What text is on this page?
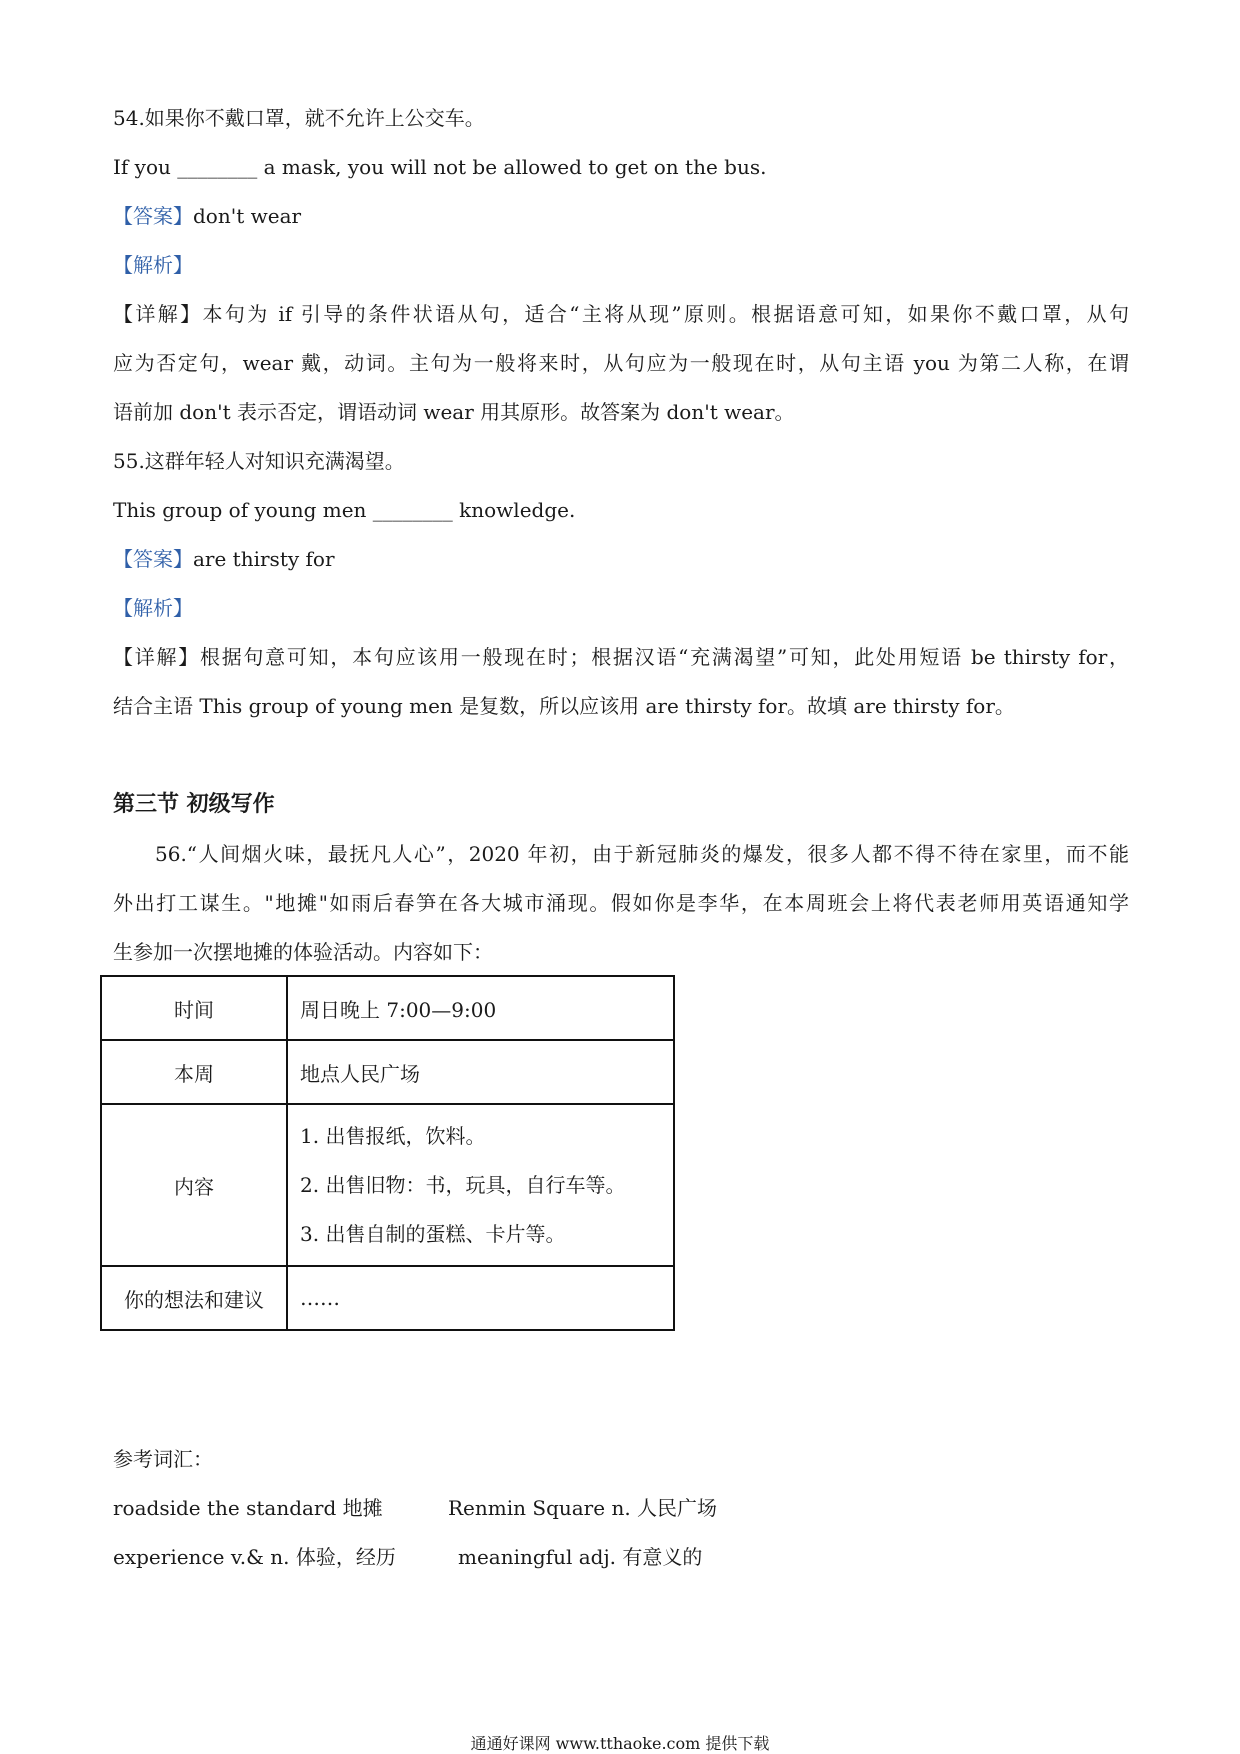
54.如果你不戴口罩，就不允许上公交车。
If you ________ a mask, you will not be allowed to get on the bus.
【答案】don't wear
【解析】
【详解】本句为 if 引导的条件状语从句，适合“主将从现”原则。根据语意可知，如果你不戴口罩，从句
应为否定句，wear 戴，动词。主句为一般将来时，从句应为一般现在时，从句主语 you 为第二人称，在谓
语前加 don't 表示否定，谓语动词 wear 用其原形。故答案为 don't wear。
55.这群年轻人对知识充满渴望。
This group of young men ________ knowledge.
【答案】are thirsty for
【解析】
【详解】根据句意可知，本句应该用一般现在时；根据汉语“充满渴望”可知，此处用短语 be thirsty for，
结合主语 This group of young men 是复数，所以应该用 are thirsty for。故填 are thirsty for。
第三节 初级写作
56.“人间烟火味，最抚凡人心”，2020 年初，由于新冠肺炎的爆发，很多人都不得不待在家里，而不能
外出打工谋生。"地摊"如雨后春笋在各大城市涌现。假如你是李华，在本周班会上将代表老师用英语通知学
生参加一次摆地摊的体验活动。内容如下：
时间	周日晚上 7:00—9:00
本周	地点人民广场
内容	1. 出售报纸，饮料。
2. 出售旧物：书，玩具，自行车等。
3. 出售自制的蛋糕、卡片等。

你的想法和建议	……
参考词汇：
roadside the standard 地摊	Renmin Square n. 人民广场
experience v.& n. 体验，经历	meaningful adj. 有意义的
通通好课网 www.tthaoke.com 提供下载
